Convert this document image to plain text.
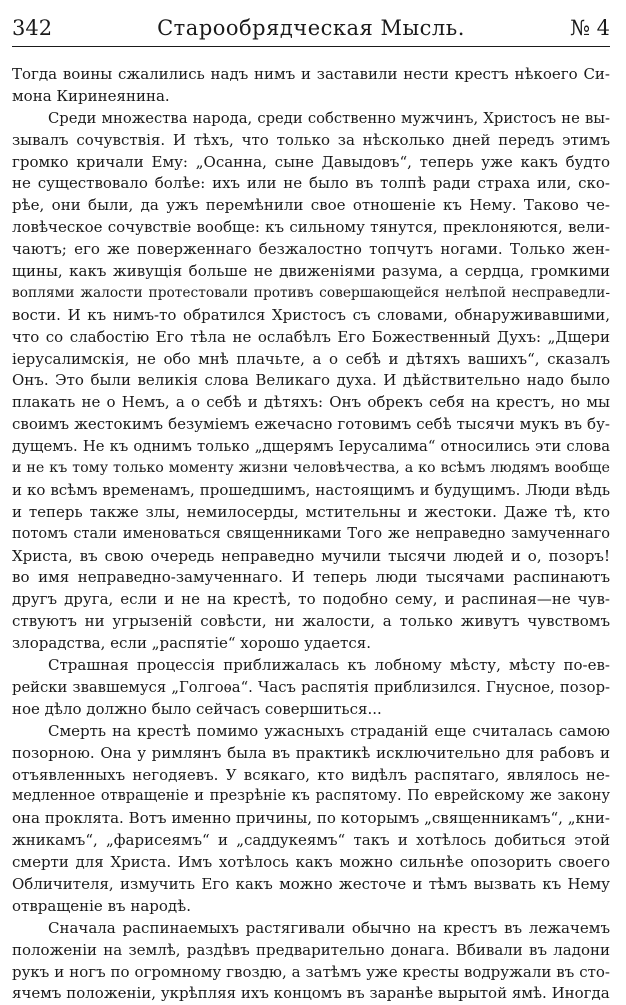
342	Старообрядческая Мысль.	№ 4
Тогда воины сжалились надъ нимъ и заставили нести крестъ нѣкоего Си-
мона Киринеянина.
Среди множества народа, среди собственно мужчинъ, Христосъ не вы-
зывалъ сочувствія. И тѣхъ, что только за нѣсколько дней передъ этимъ
громко кричали Ему: „Осанна, сыне Давыдовъ“, теперь уже какъ будто
не существовало болѣе: ихъ или не было въ толпѣ ради страха или, ско-
рѣе, они были, да ужъ перемѣнили свое отношеніе къ Нему. Таково че-
ловѣческое сочувствіе вообще: къ сильному тянутся, преклоняются, вели-
чаютъ; его же поверженнаго безжалостно топчутъ ногами. Только жен-
щины, какъ живущія больше не движеніями разума, а сердца, громкими
воплями жалости протестовали противъ совершающейся нелѣпой несправедли-
вости. И къ нимъ-то обратился Христосъ съ словами, обнаруживавшими,
что со слабостію Его тѣла не ослабѣлъ Его Божественный Духъ: „Дщери
іерусалимскія, не обо мнѣ плачьте, а о себѣ и дѣтяхъ вашихъ“, сказалъ
Онъ. Это были великія слова Великаго духа. И дѣйствительно надо было
плакать не о Немъ, а о себѣ и дѣтяхъ: Онъ обрекъ себя на крестъ, но мы
своимъ жестокимъ безуміемъ ежечасно готовимъ себѣ тысячи мукъ въ бу-
дущемъ. Не къ однимъ только „дщерямъ Іерусалима“ относились эти слова
и не къ тому только моменту жизни человѣчества, а ко всѣмъ людямъ вообще
и ко всѣмъ временамъ, прошедшимъ, настоящимъ и будущимъ. Люди вѣдь
и теперь также злы, немилосерды, мстительны и жестоки. Даже тѣ, кто
потомъ стали именоваться священниками Того же неправедно замученнаго
Христа, въ свою очередь неправедно мучили тысячи людей и о, позоръ!
во имя неправедно-замученнаго. И теперь люди тысячами распинаютъ
другъ друга, если и не на крестѣ, то подобно сему, и распиная—не чув-
ствуютъ ни угрызеній совѣсти, ни жалости, а только живутъ чувствомъ
злорадства, если „распятіе“ хорошо удается.
Страшная процессія приближалась къ лобному мѣсту, мѣсту по-ев-
рейски звавшемуся „Голгоѳа“. Часъ распятія приблизился. Гнусное, позор-
ное дѣло должно было сейчасъ совершиться...
Смерть на крестѣ помимо ужасныхъ страданій еще считалась самою
позорною. Она у римлянъ была въ практикѣ исключительно для рабовъ и
отъявленныхъ негодяевъ. У всякаго, кто видѣлъ распятаго, являлось не-
медленное отвращеніе и презрѣніе къ распятому. По еврейскому же закону
она проклята. Вотъ именно причины, по которымъ „священникамъ“, „кни-
жникамъ“, „фарисеямъ“ и „саддукеямъ“ такъ и хотѣлось добиться этой
смерти для Христа. Имъ хотѣлось какъ можно сильнѣе опозорить своего
Обличителя, измучить Его какъ можно жесточе и тѣмъ вызвать къ Нему
отвращеніе въ народѣ.
Сначала распинаемыхъ растягивали обычно на крестъ въ лежачемъ
положеніи на землѣ, раздѣвъ предварительно донага. Вбивали въ ладони
рукъ и ногъ по огромному гвоздю, а затѣмъ уже кресты водружали въ сто-
ячемъ положеніи, укрѣпляя ихъ концомъ въ заранѣе вырытой ямѣ. Иногда
